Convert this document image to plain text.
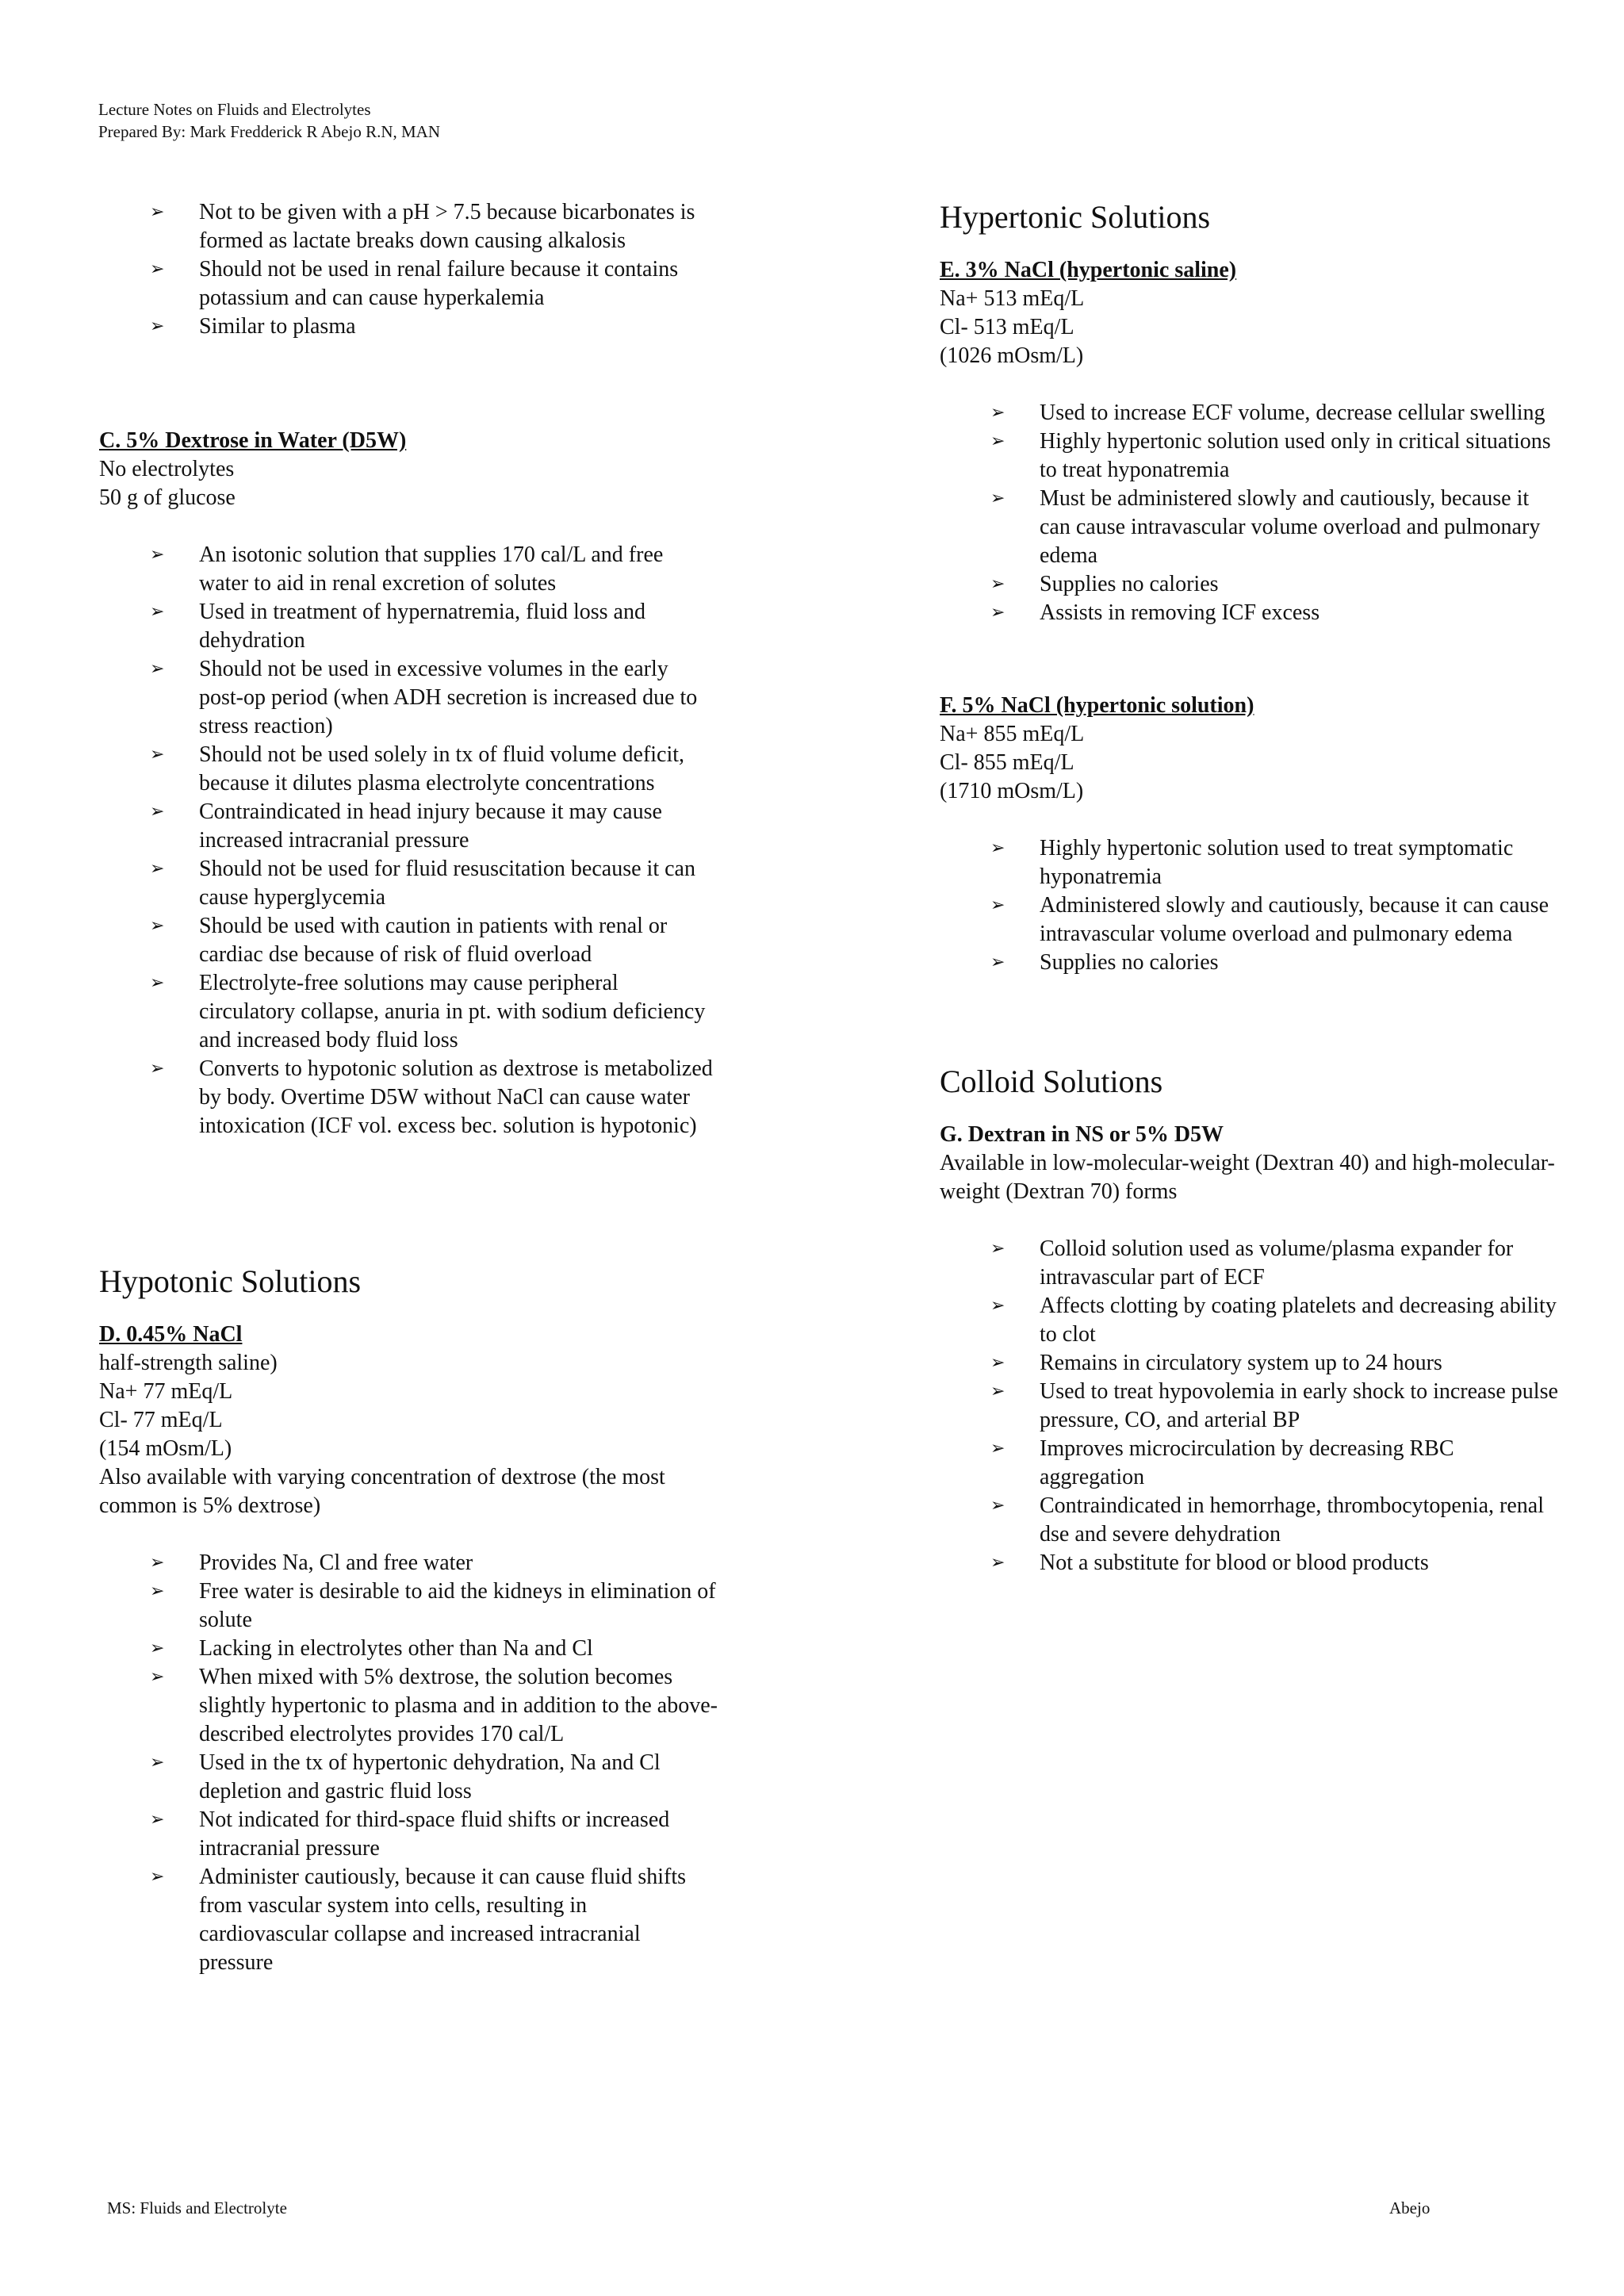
Lecture Notes on Fluids and Electrolytes
Prepared By: Mark Fredderick R Abejo R.N, MAN
➢ Not to be given with a pH > 7.5 because bicarbonates is formed as lactate breaks down causing alkalosis
➢ Should not be used in renal failure because it contains potassium and can cause hyperkalemia
➢ Similar to plasma
C. 5% Dextrose in Water (D5W)
No electrolytes
50 g of glucose
➢ An isotonic solution that supplies 170 cal/L and free water to aid in renal excretion of solutes
➢ Used in treatment of hypernatremia, fluid loss and dehydration
➢ Should not be used in excessive volumes in the early post-op period (when ADH secretion is increased due to stress reaction)
➢ Should not be used solely in tx of fluid volume deficit, because it dilutes plasma electrolyte concentrations
➢ Contraindicated in head injury because it may cause increased intracranial pressure
➢ Should not be used for fluid resuscitation because it can cause hyperglycemia
➢ Should be used with caution in patients with renal or cardiac dse because of risk of fluid overload
➢ Electrolyte-free solutions may cause peripheral circulatory collapse, anuria in pt. with sodium deficiency and increased body fluid loss
➢ Converts to hypotonic solution as dextrose is metabolized by body. Overtime D5W without NaCl can cause water intoxication (ICF vol. excess bec. solution is hypotonic)
Hypotonic Solutions
D. 0.45% NaCl
half-strength saline)
Na+ 77 mEq/L
Cl- 77 mEq/L
(154 mOsm/L)
Also available with varying concentration of dextrose (the most common is 5% dextrose)
➢ Provides Na, Cl and free water
➢ Free water is desirable to aid the kidneys in elimination of solute
➢ Lacking in electrolytes other than Na and Cl
➢ When mixed with 5% dextrose, the solution becomes slightly hypertonic to plasma and in addition to the above-described electrolytes provides 170 cal/L
➢ Used in the tx of hypertonic dehydration, Na and Cl depletion and gastric fluid loss
➢ Not indicated for third-space fluid shifts or increased intracranial pressure
➢ Administer cautiously, because it can cause fluid shifts from vascular system into cells, resulting in cardiovascular collapse and increased intracranial pressure
Hypertonic Solutions
E. 3% NaCl (hypertonic saline)
Na+ 513 mEq/L
Cl- 513 mEq/L
(1026 mOsm/L)
➢ Used to increase ECF volume, decrease cellular swelling
➢ Highly hypertonic solution used only in critical situations to treat hyponatremia
➢ Must be administered slowly and cautiously, because it can cause intravascular volume overload and pulmonary edema
➢ Supplies no calories
➢ Assists in removing ICF excess
F. 5% NaCl (hypertonic solution)
Na+ 855 mEq/L
Cl- 855 mEq/L
(1710 mOsm/L)
➢ Highly hypertonic solution used to treat symptomatic hyponatremia
➢ Administered slowly and cautiously, because it can cause intravascular volume overload and pulmonary edema
➢ Supplies no calories
Colloid Solutions
G. Dextran in NS or 5% D5W
Available in low-molecular-weight (Dextran 40) and high-molecular-weight (Dextran 70) forms
➢ Colloid solution used as volume/plasma expander for intravascular part of ECF
➢ Affects clotting by coating platelets and decreasing ability to clot
➢ Remains in circulatory system up to 24 hours
➢ Used to treat hypovolemia in early shock to increase pulse pressure, CO, and arterial BP
➢ Improves microcirculation by decreasing RBC aggregation
➢ Contraindicated in hemorrhage, thrombocytopenia, renal dse and severe dehydration
➢ Not a substitute for blood or blood products
MS: Fluids and Electrolyte	Abejo
